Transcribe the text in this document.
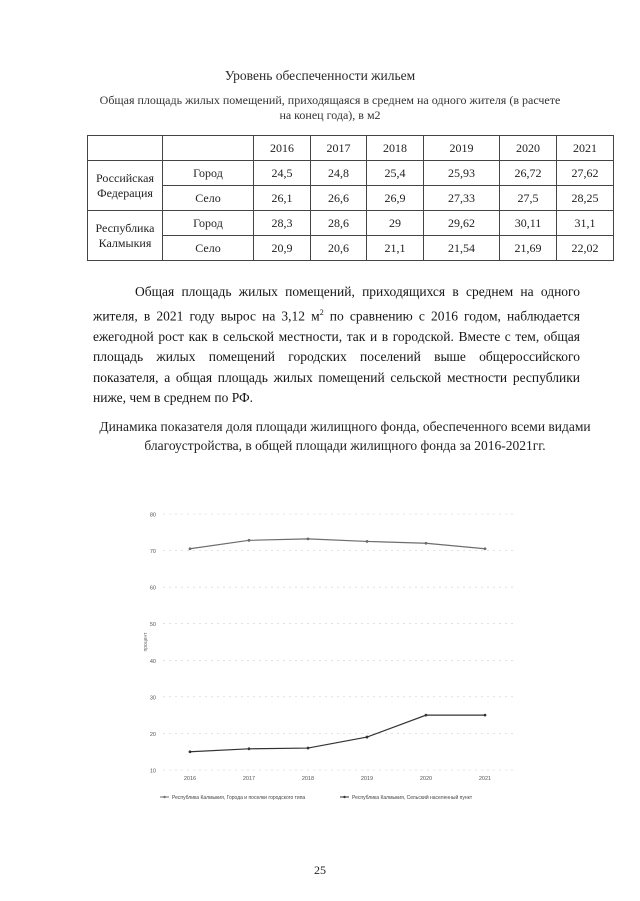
Уровень обеспеченности жильем
Общая площадь жилых помещений, приходящаяся в среднем на одного жителя (в расчете на конец года), в м2
		2016	2017	2018	2019	2020	2021
Российская Федерация	Город	24,5	24,8	25,4	25,93	26,72	27,62
	Село	26,1	26,6	26,9	27,33	27,5	28,25
Республика Калмыкия	Город	28,3	28,6	29	29,62	30,11	31,1
	Село	20,9	20,6	21,1	21,54	21,69	22,02
Общая площадь жилых помещений, приходящихся в среднем на одного жителя, в 2021 году вырос на 3,12 $м^2$ по сравнению с 2016 годом, наблюдается ежегодной рост как в сельской местности, так и в городской. Вместе с тем, общая площадь жилых помещений городских поселений выше общероссийского показателя, а общая площадь жилых помещений сельской местности республики ниже, чем в среднем по РФ.
Динамика показателя доля площади жилищного фонда, обеспеченного всеми видами благоустройства, в общей площади жилищного фонда за 2016-2021гг.
10
20
30
40
50
60
70
80
2016	2017	2018	2019	2020	2021
процент
Республика Калмыкия, Города и поселки городского типа	Республика Калмыкия, Сельский населенный пункт
25
